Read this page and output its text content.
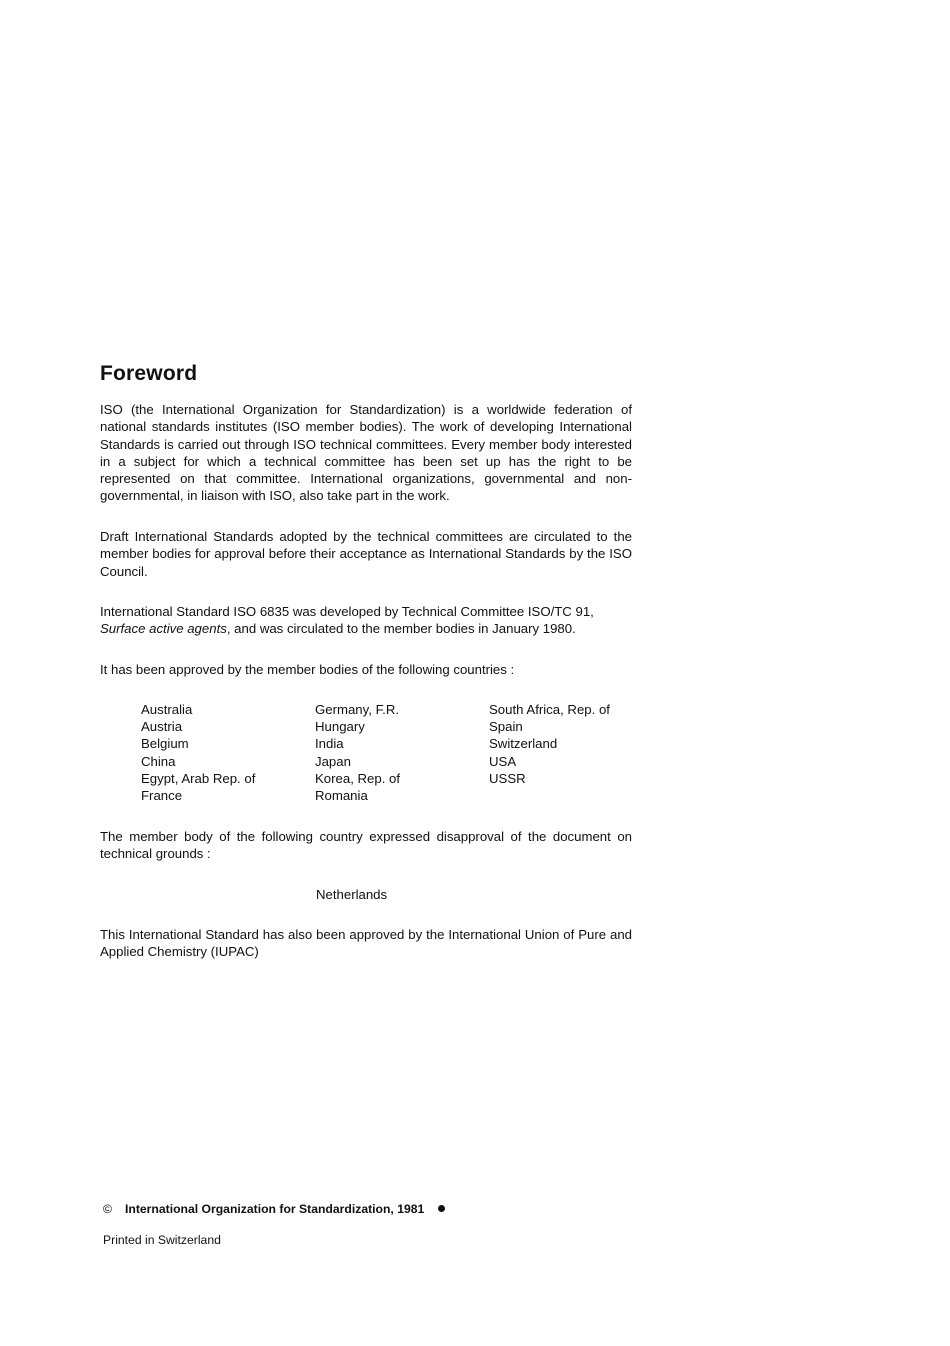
Foreword

ISO (the International Organization for Standardization) is a worldwide federation of national standards institutes (ISO member bodies). The work of developing International Standards is carried out through ISO technical committees. Every member body interested in a subject for which a technical committee has been set up has the right to be represented on that committee. International organizations, governmental and non-governmental, in liaison with ISO, also take part in the work.

Draft International Standards adopted by the technical committees are circulated to the member bodies for approval before their acceptance as International Standards by the ISO Council.

International Standard ISO 6835 was developed by Technical Committee ISO/TC 91,
Surface active agents, and was circulated to the member bodies in January 1980.

It has been approved by the member bodies of the following countries :

Australia
Austria
Belgium
China
Egypt, Arab Rep. of
France
Germany, F.R.
Hungary
India
Japan
Korea, Rep. of
Romania
South Africa, Rep. of
Spain
Switzerland
USA
USSR

The member body of the following country expressed disapproval of the document on technical grounds :

Netherlands

This International Standard has also been approved by the International Union of Pure and Applied Chemistry (IUPAC)

© International Organization for Standardization, 1981
Printed in Switzerland
